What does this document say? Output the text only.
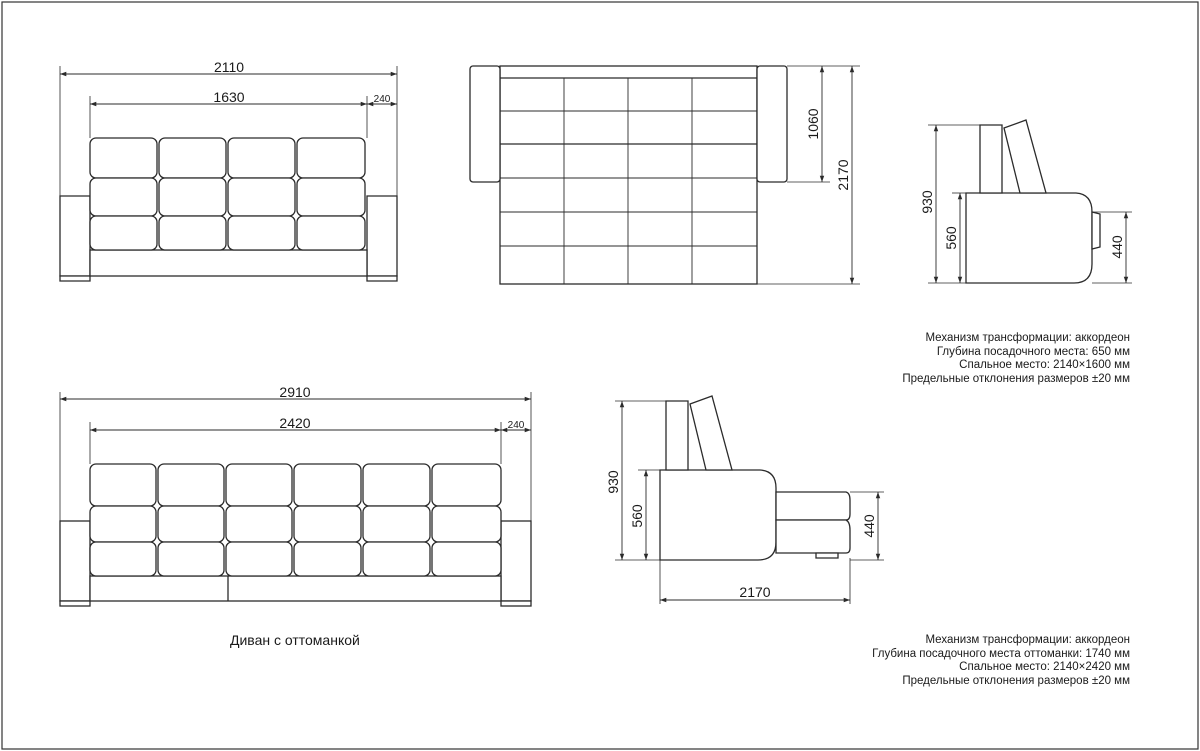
2110
1630	240
1060
2170
930
560	440
2910
2420	240
930
560	440
2170
Механизм трансформации: аккордеон
Глубина посадочного места: 650 мм
Спальное место: 2140×1600 мм
Предельные отклонения размеров ±20 мм
Диван с оттоманкой	Механизм трансформации: аккордеон
Глубина посадочного места оттоманки: 1740 мм
Спальное место: 2140×2420 мм
Предельные отклонения размеров ±20 мм
